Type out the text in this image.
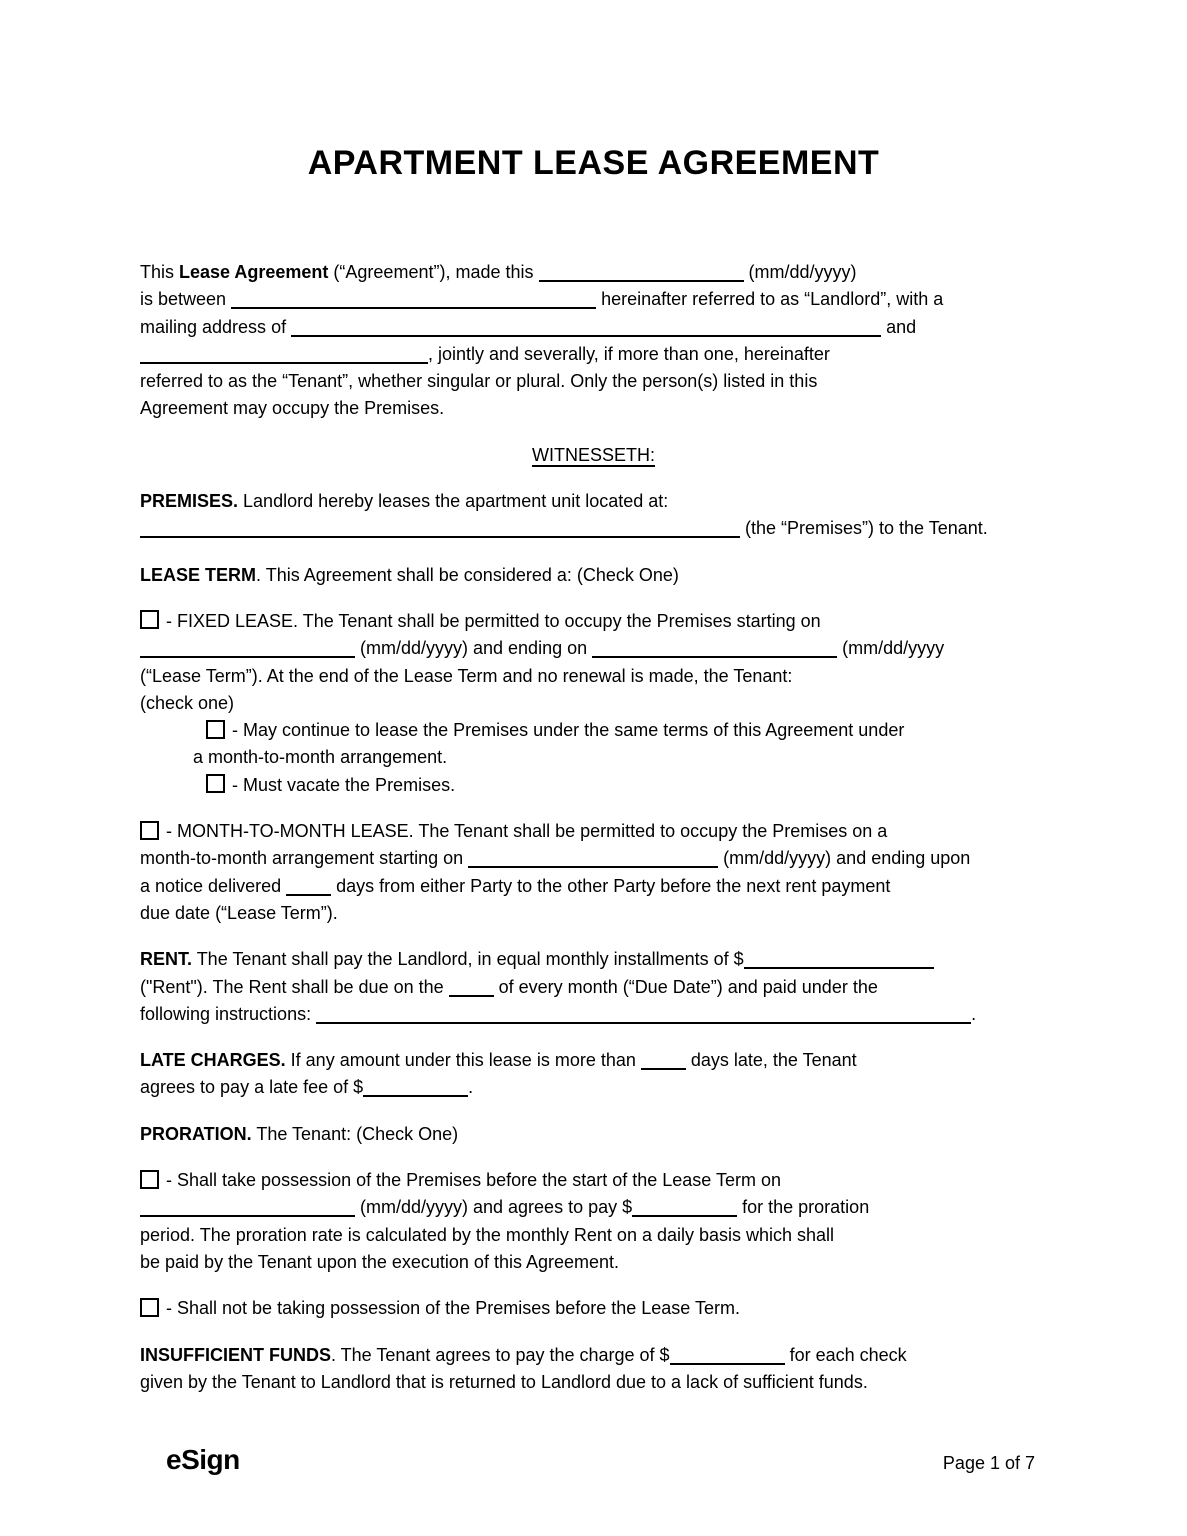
APARTMENT LEASE AGREEMENT
This Lease Agreement (“Agreement”), made this	(mm/dd/yyyy)
is between	hereinafter referred to as “Landlord”, with a
mailing address of	and
, jointly and severally, if more than one, hereinafter
referred to as the “Tenant”, whether singular or plural. Only the person(s) listed in this
Agreement may occupy the Premises.
WITNESSETH:
PREMISES. Landlord hereby leases the apartment unit located at:
(the “Premises”) to the Tenant.
LEASE TERM. This Agreement shall be considered a: (Check One)
- FIXED LEASE. The Tenant shall be permitted to occupy the Premises starting on
(mm/dd/yyyy) and ending on	(mm/dd/yyyy
(“Lease Term”). At the end of the Lease Term and no renewal is made, the Tenant:
(check one)
- May continue to lease the Premises under the same terms of this Agreement under
a month-to-month arrangement.
- Must vacate the Premises.
- MONTH-TO-MONTH LEASE. The Tenant shall be permitted to occupy the Premises on a
month-to-month arrangement starting on	(mm/dd/yyyy) and ending upon
a notice delivered	days from either Party to the other Party before the next rent payment
due date (“Lease Term”).
RENT. The Tenant shall pay the Landlord, in equal monthly installments of $
("Rent"). The Rent shall be due on the	of every month (“Due Date”) and paid under the
following instructions:	.
LATE CHARGES. If any amount under this lease is more than	days late, the Tenant
agrees to pay a late fee of $	.
PRORATION. The Tenant: (Check One)
- Shall take possession of the Premises before the start of the Lease Term on
(mm/dd/yyyy) and agrees to pay $	for the proration
period. The proration rate is calculated by the monthly Rent on a daily basis which shall
be paid by the Tenant upon the execution of this Agreement.
- Shall not be taking possession of the Premises before the Lease Term.
INSUFFICIENT FUNDS. The Tenant agrees to pay the charge of $	for each check
given by the Tenant to Landlord that is returned to Landlord due to a lack of sufficient funds.
eSign	Page 1 of 7
